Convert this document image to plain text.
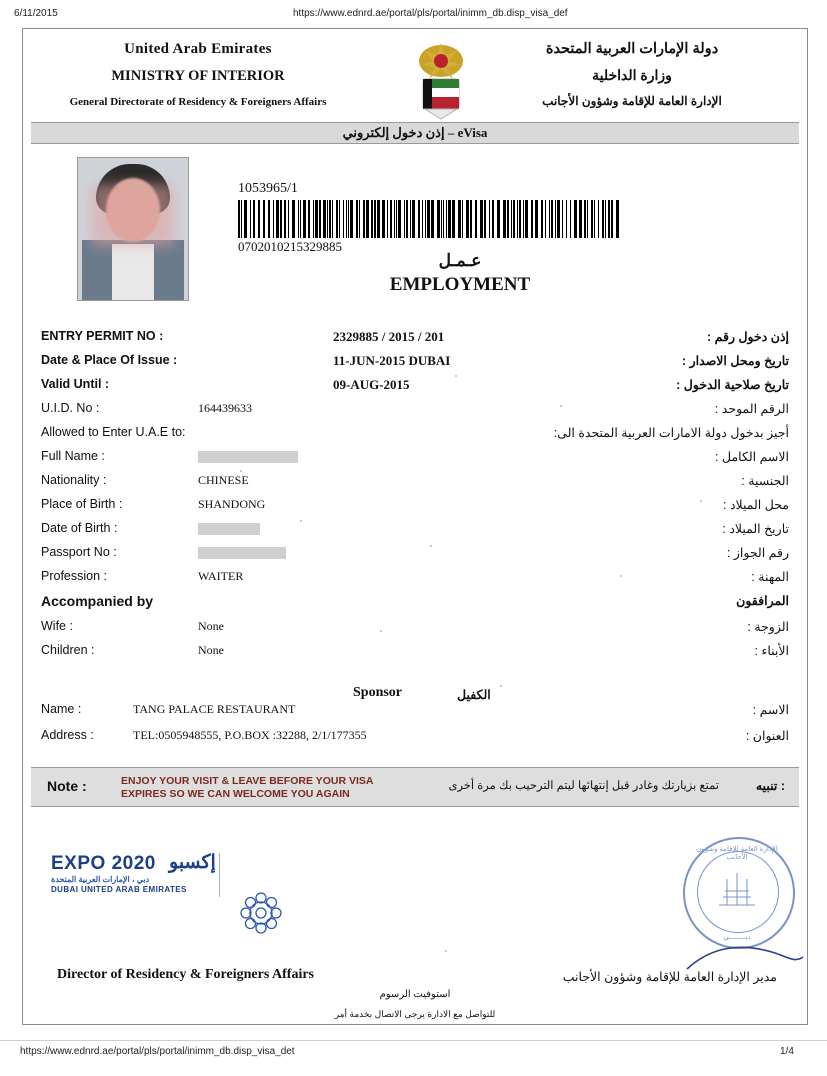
6/11/2015	https://www.ednrd.ae/portal/pls/portal/inimm_db.disp_visa_def
United Arab Emirates
MINISTRY OF INTERIOR
General Directorate of Residency & Foreigners Affairs
دولة الإمارات العربية المتحدة
وزارة الداخلية
الإدارة العامة للإقامة وشؤون الأجانب
إذن دخول إلكتروني – eVisa
1053965/1
0702010215329885
عـمـل
EMPLOYMENT
ENTRY PERMIT NO :	2329885 / 2015 / 201	إذن دخول رقم :
Date & Place Of Issue :	11-JUN-2015 DUBAI	تاريخ ومحل الاصدار :
Valid Until :	09-AUG-2015	تاريخ صلاحية الدخول :
U.I.D. No :	164439633	الرقم الموحد :
Allowed to Enter U.A.E to:	أجيز بدخول دولة الامارات العربية المتحدة الى:
Full Name :	الاسم الكامل :
Nationality :	CHINESE	الجنسية :
Place of Birth :	SHANDONG	محل الميلاد :
Date of Birth :	تاريخ الميلاد :
Passport No :	رقم الجواز :
Profession :	WAITER	المهنة :
Accompanied by	المرافقون
Wife :	None	الزوجة :
Children :	None	الأبناء :
Sponsor	الكفيل
Name :	TANG PALACE RESTAURANT	الاسم :
Address :	TEL:0505948555, P.O.BOX :32288, 2/1/177355	العنوان :
Note :	ENJOY YOUR VISIT & LEAVE BEFORE YOUR VISA
EXPIRES SO WE CAN WELCOME YOU AGAIN
تمتع بزيارتك وغادر قبل إنتهائها ليتم الترحيب بك مرة أخرى	تنبيه :
EXPO 2020 إكسبو
دبي ، الإمارات العربية المتحدة
DUBAI UNITED ARAB EMIRATES
الإدارة العامة للإقامة وشؤون الأجانب
دبــــــــي
Director of Residency & Foreigners Affairs	مدير الإدارة العامة للإقامة وشؤون الأجانب
استوفيت الرسوم
للتواصل مع الادارة يرجى الاتصال بخدمة أمر
https://www.ednrd.ae/portal/pls/portal/inimm_db.disp_visa_det	1/4
